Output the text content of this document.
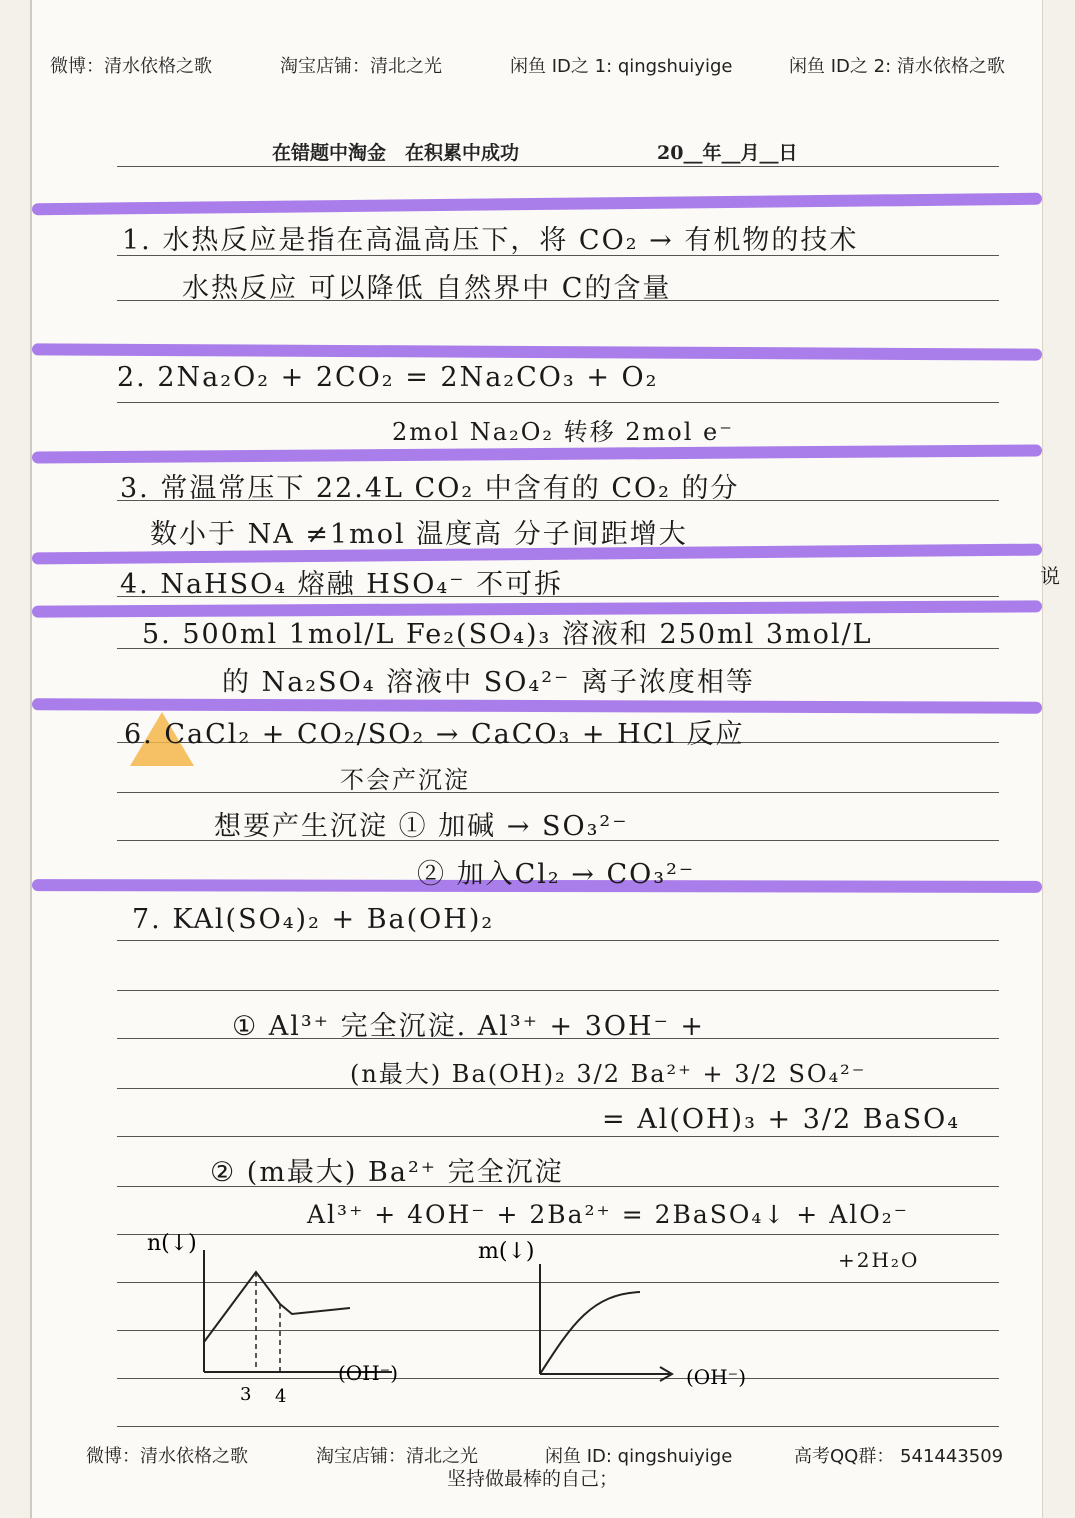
微博：清水依格之歌	淘宝店铺：清北之光	闲鱼 ID之 1: qingshuiyige	闲鱼 ID之 2: 清水依格之歌
在错题中淘金　在积累中成功	20__年__月__日
1. 水热反应是指在高温高压下，将 CO₂ → 有机物的技术
水热反应 可以降低 自然界中 C的含量
2. 2Na₂O₂ + 2CO₂ = 2Na₂CO₃ + O₂
2mol Na₂O₂ 转移 2mol e⁻
3. 常温常压下 22.4L CO₂ 中含有的 CO₂ 的分
数小于 NA ≠1mol 温度高 分子间距增大
4. NaHSO₄ 熔融 HSO₄⁻ 不可拆
5. 500ml 1mol/L Fe₂(SO₄)₃ 溶液和 250ml 3mol/L
的 Na₂SO₄ 溶液中 SO₄²⁻ 离子浓度相等
6. CaCl₂ + CO₂/SO₂ → CaCO₃ + HCl 反应
不会产沉淀
想要产生沉淀 ① 加碱 → SO₃²⁻
② 加入Cl₂ → CO₃²⁻
7. KAl(SO₄)₂ + Ba(OH)₂
① Al³⁺ 完全沉淀. Al³⁺ + 3OH⁻ +
(n最大) Ba(OH)₂ 3/2 Ba²⁺ + 3/2 SO₄²⁻
= Al(OH)₃ + 3/2 BaSO₄
② (m最大) Ba²⁺ 完全沉淀
Al³⁺ + 4OH⁻ + 2Ba²⁺ = 2BaSO₄↓ + AlO₂⁻
+2H₂O
n(↓)
(OH⁻)
3 4
m(↓)
(OH⁻)
微博：清水依格之歌	淘宝店铺：清北之光	闲鱼 ID: qingshuiyige	高考QQ群： 541443509
坚持做最棒的自己；
说
